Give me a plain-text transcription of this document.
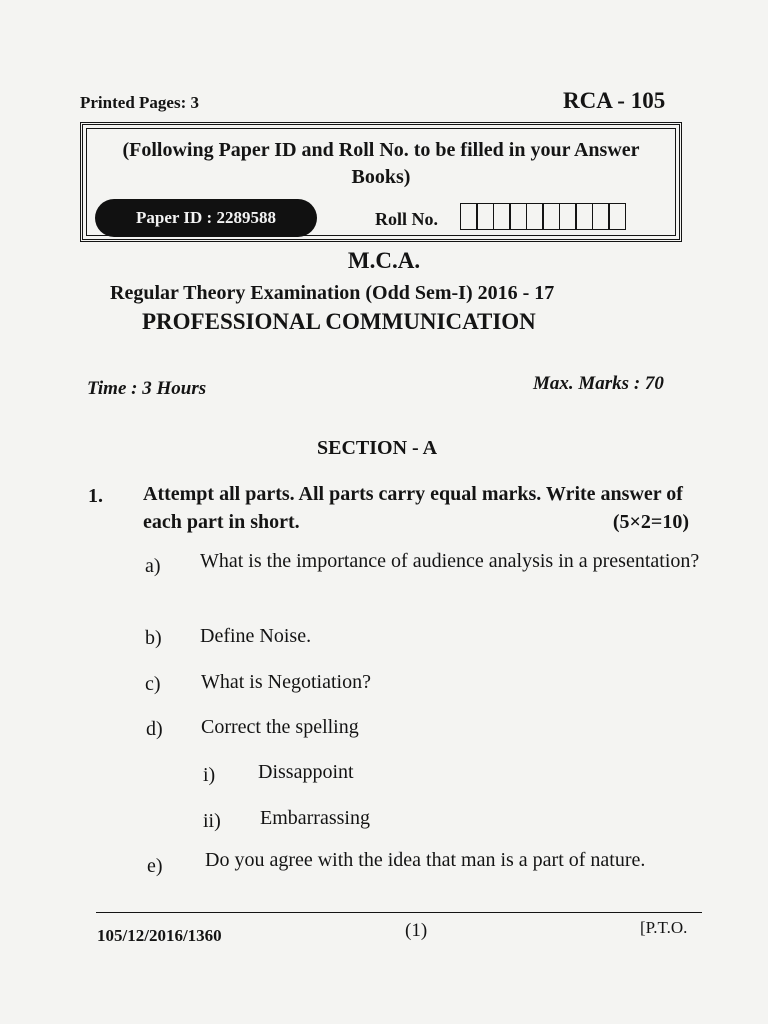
Printed Pages: 3	RCA - 105
(Following Paper ID and Roll No. to be filled in your Answer Books)
Paper ID : 2289588	Roll No.
M.C.A.
Regular Theory Examination (Odd Sem-I) 2016 - 17
PROFESSIONAL COMMUNICATION
Time : 3 Hours	Max. Marks : 70
SECTION - A
1. Attempt all parts. All parts carry equal marks. Write answer of each part in short.	(5×2=10)
a) What is the importance of audience analysis in a presentation?
b) Define Noise.
c) What is Negotiation?
d) Correct the spelling
i) Dissappoint
ii) Embarrassing
e) Do you agree with the idea that man is a part of nature.
105/12/2016/1360	(1)	[P.T.O.
